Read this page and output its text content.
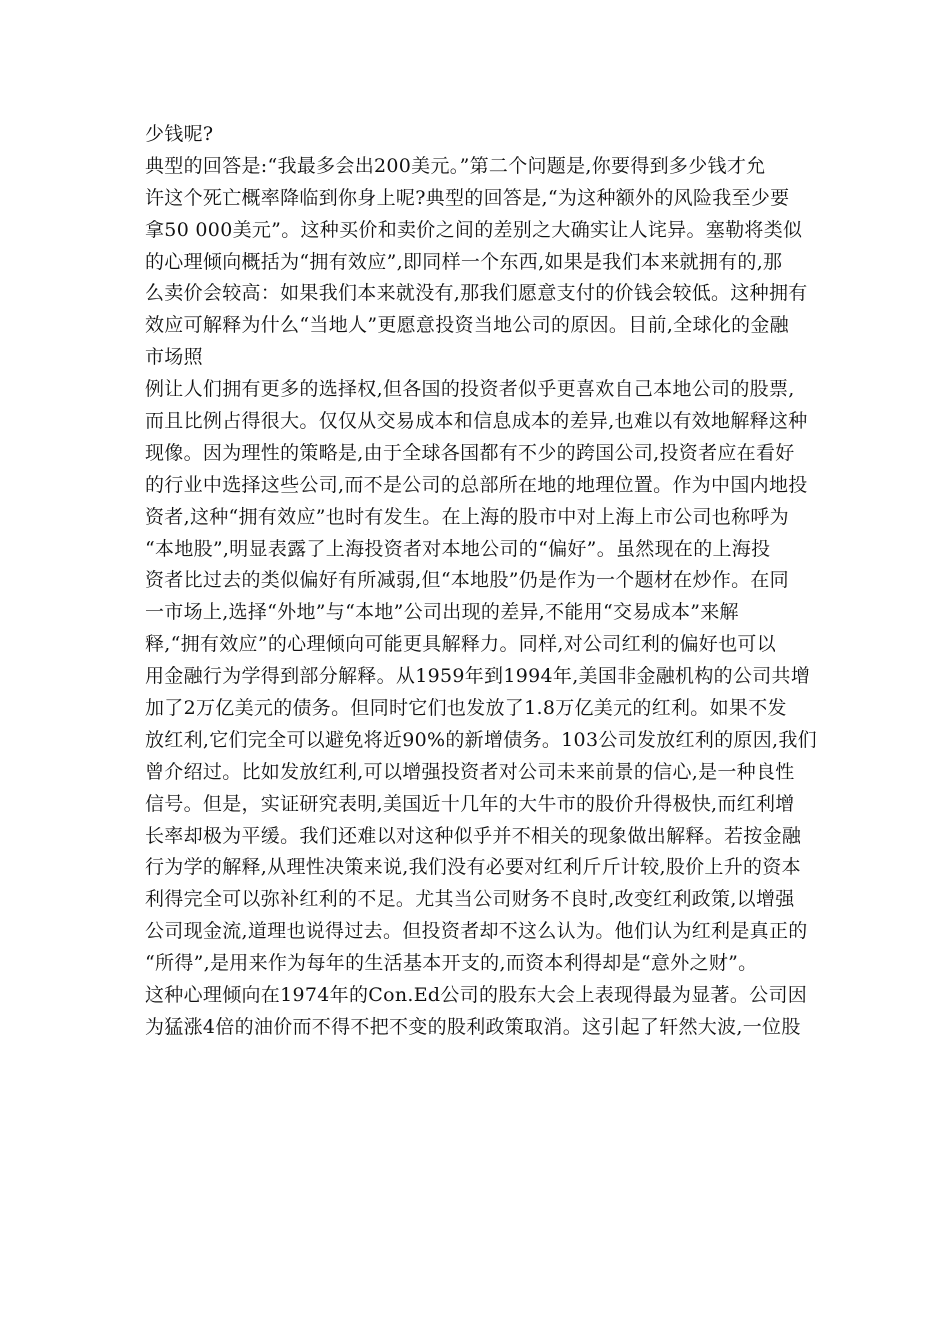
少钱呢?
典型的回答是:“我最多会出200美元。”第二个问题是,你要得到多少钱才允
许这个死亡概率降临到你身上呢?典型的回答是,“为这种额外的风险我至少要
拿50 000美元”。这种买价和卖价之间的差别之大确实让人诧异。塞勒将类似
的心理倾向概括为“拥有效应”,即同样一个东西,如果是我们本来就拥有的,那
么卖价会较高：如果我们本来就没有,那我们愿意支付的价钱会较低。这种拥有
效应可解释为什么“当地人”更愿意投资当地公司的原因。目前,全球化的金融
市场照
例让人们拥有更多的选择权,但各国的投资者似乎更喜欢自己本地公司的股票,
而且比例占得很大。仅仅从交易成本和信息成本的差异,也难以有效地解释这种
现像。因为理性的策略是,由于全球各国都有不少的跨国公司,投资者应在看好
的行业中选择这些公司,而不是公司的总部所在地的地理位置。作为中国内地投
资者,这种“拥有效应”也时有发生。在上海的股市中对上海上市公司也称呼为
“本地股”,明显表露了上海投资者对本地公司的“偏好”。虽然现在的上海投
资者比过去的类似偏好有所减弱,但“本地股”仍是作为一个题材在炒作。在同
一市场上,选择“外地”与“本地”公司出现的差异,不能用“交易成本”来解
释,“拥有效应”的心理倾向可能更具解释力。同样,对公司红利的偏好也可以
用金融行为学得到部分解释。从1959年到1994年,美国非金融机构的公司共增
加了2万亿美元的债务。但同时它们也发放了1.8万亿美元的红利。如果不发
放红利,它们完全可以避免将近90%的新增债务。103公司发放红利的原因,我们
曾介绍过。比如发放红利,可以增强投资者对公司未来前景的信心,是一种良性
信号。但是，实证研究表明,美国近十几年的大牛市的股价升得极快,而红利增
长率却极为平缓。我们还难以对这种似乎并不相关的现象做出解释。若按金融
行为学的解释,从理性决策来说,我们没有必要对红利斤斤计较,股价上升的资本
利得完全可以弥补红利的不足。尤其当公司财务不良时,改变红利政策,以增强
公司现金流,道理也说得过去。但投资者却不这么认为。他们认为红利是真正的
“所得”,是用来作为每年的生活基本开支的,而资本利得却是“意外之财”。
这种心理倾向在1974年的Con.Ed公司的股东大会上表现得最为显著。公司因
为猛涨4倍的油价而不得不把不变的股利政策取消。这引起了轩然大波,一位股
